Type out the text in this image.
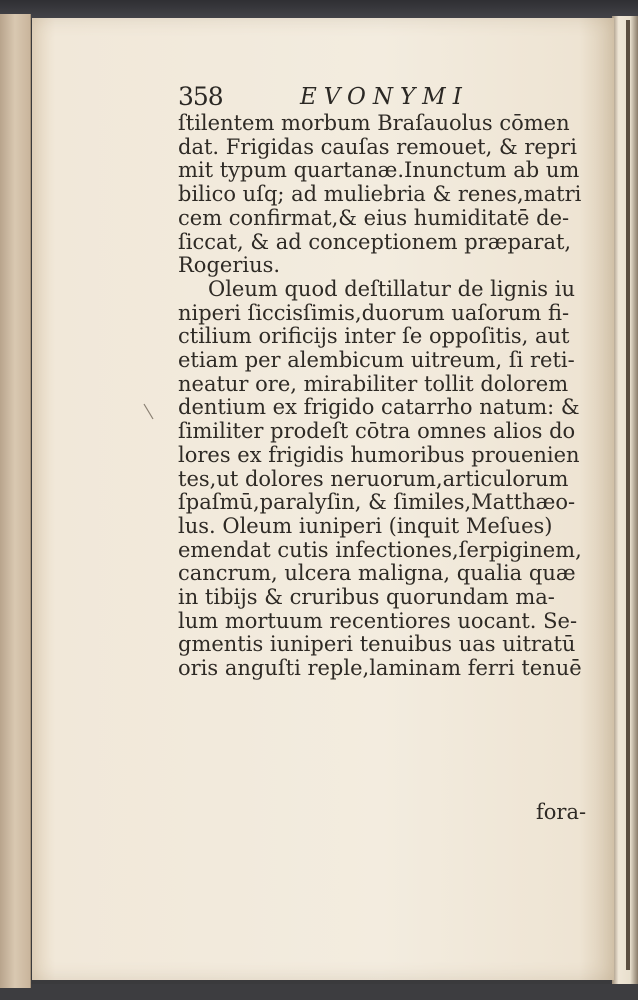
358	EVONYMI
ſtilentem morbum Braſauolus cōmen
dat. Frigidas cauſas remouet, & repri
mit typum quartanæ.Inunctum ab um
bilico uſq; ad muliebria & renes,matri
cem confirmat,& eius humiditatē de-
ſiccat, & ad conceptionem præparat,
Rogerius.
Oleum quod deſtillatur de lignis iu
niperi ſiccisſimis,duorum uaſorum fi-
ctilium orificijs inter ſe oppoſitis, aut
etiam per alembicum uitreum, ſi reti-
neatur ore, mirabiliter tollit dolorem
dentium ex frigido catarrho natum: &
ſimiliter prodeſt cōtra omnes alios do
lores ex frigidis humoribus prouenien
tes,ut dolores neruorum,articulorum
ſpaſmū,paralyſin, & ſimiles,Matthæo-
lus. Oleum iuniperi (inquit Meſues)
emendat cutis infectiones,ſerpiginem,
cancrum, ulcera maligna, qualia quæ
in tibijs & cruribus quorundam ma-
lum mortuum recentiores uocant. Se-
gmentis iuniperi tenuibus uas uitratū
oris anguſti reple,laminam ferri tenuē
fora-
